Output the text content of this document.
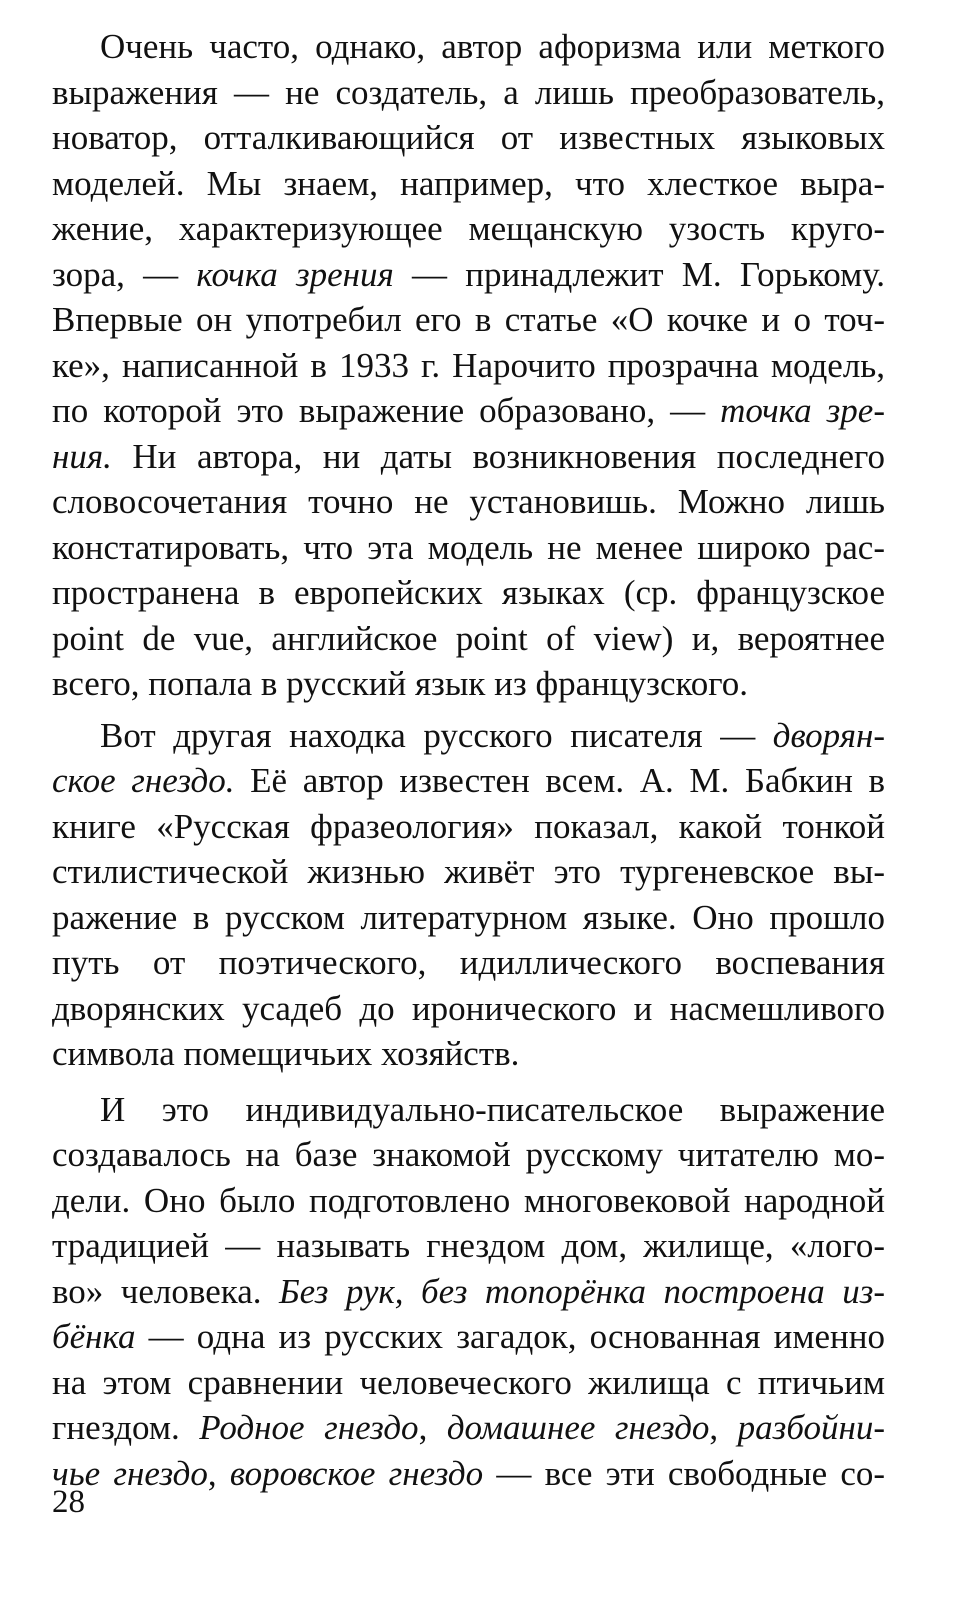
Очень часто, однако, автор афоризма или меткого
выражения — не создатель, а лишь преобразователь,
новатор, отталкивающийся от известных языковых
моделей. Мы знаем, например, что хлесткое выра-
жение, характеризующее мещанскую узость круго-
зора, — кочка зрения — принадлежит М. Горькому.
Впервые он употребил его в статье «О кочке и о точ-
ке», написанной в 1933 г. Нарочито прозрачна модель,
по которой это выражение образовано, — точка зре-
ния. Ни автора, ни даты возникновения последнего
словосочетания точно не установишь. Можно лишь
констатировать, что эта модель не менее широко рас-
пространена в европейских языках (ср. французское
point de vue, английское point of view) и, вероятнее
всего, попала в русский язык из французского.
Вот другая находка русского писателя — дворян-
ское гнездо. Её автор известен всем. А. М. Бабкин в
книге «Русская фразеология» показал, какой тонкой
стилистической жизнью живёт это тургеневское вы-
ражение в русском литературном языке. Оно прошло
путь от поэтического, идиллического воспевания
дворянских усадеб до иронического и насмешливого
символа помещичьих хозяйств.
И это индивидуально-писательское выражение
создавалось на базе знакомой русскому читателю мо-
дели. Оно было подготовлено многовековой народной
традицией — называть гнездом дом, жилище, «лого-
во» человека. Без рук, без топорёнка построена из-
бёнка — одна из русских загадок, основанная именно
на этом сравнении человеческого жилища с птичьим
гнездом. Родное гнездо, домашнее гнездо, разбойни-
чье гнездо, воровское гнездо — все эти свободные со-
28
